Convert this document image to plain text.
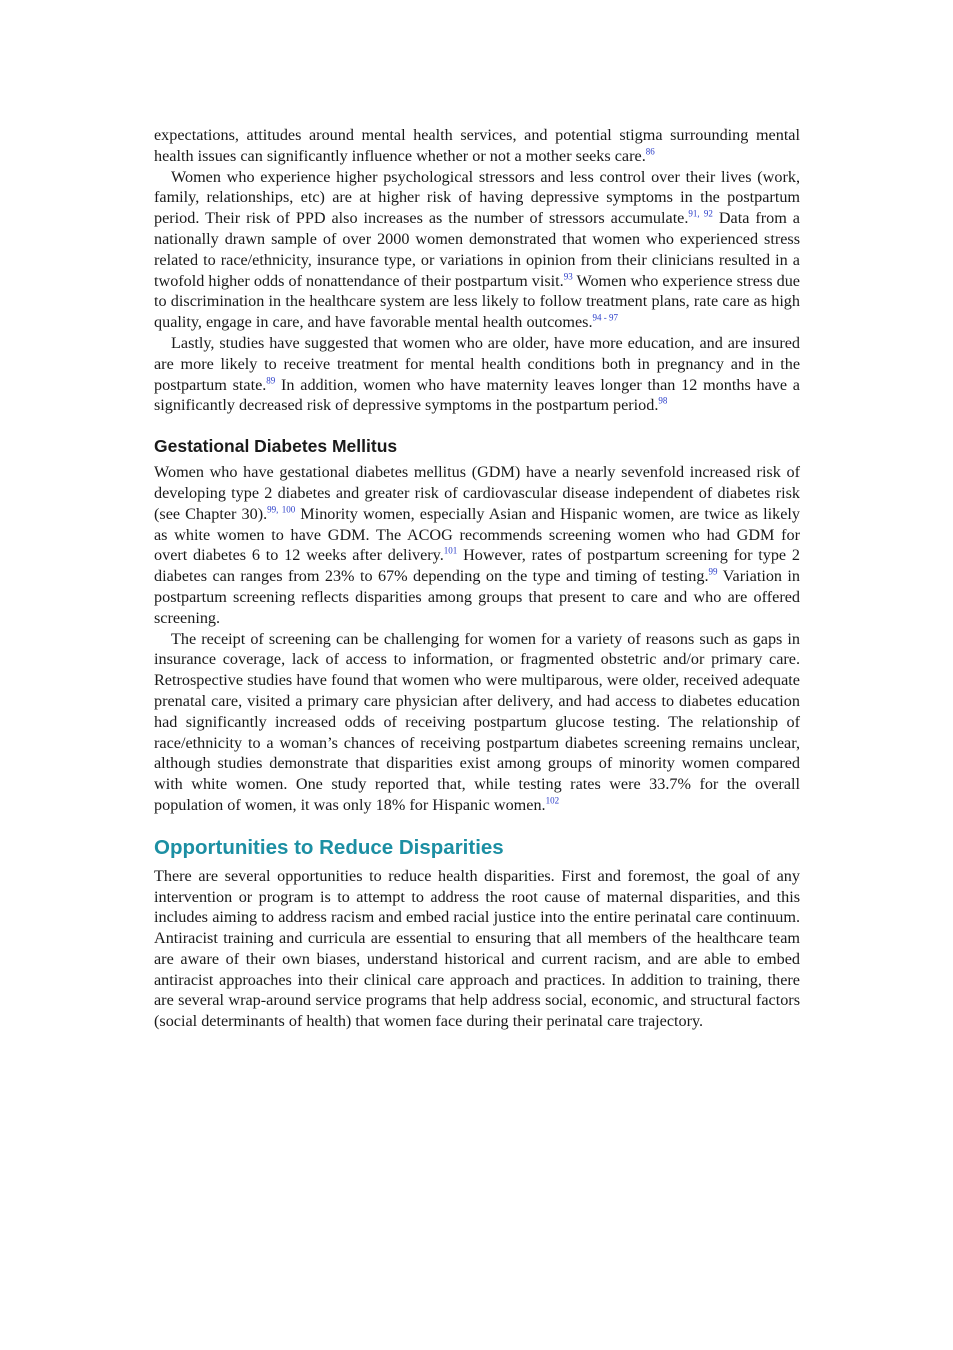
expectations, attitudes around mental health services, and potential stigma surrounding mental health issues can significantly influence whether or not a mother seeks care.$^{86}$

Women who experience higher psychological stressors and less control over their lives (work, family, relationships, etc) are at higher risk of having depressive symptoms in the postpartum period. Their risk of PPD also increases as the number of stressors accumulate.$^{91, 92}$ Data from a nationally drawn sample of over 2000 women demonstrated that women who experienced stress related to race/ethnicity, insurance type, or variations in opinion from their clinicians resulted in a twofold higher odds of nonattendance of their postpartum visit.$^{93}$ Women who experience stress due to discrimination in the healthcare system are less likely to follow treatment plans, rate care as high quality, engage in care, and have favorable mental health outcomes.$^{94 - 97}$

Lastly, studies have suggested that women who are older, have more education, and are insured are more likely to receive treatment for mental health conditions both in pregnancy and in the postpartum state.$^{89}$ In addition, women who have maternity leaves longer than 12 months have a significantly decreased risk of depressive symptoms in the postpartum period.$^{98}$

Gestational Diabetes Mellitus

Women who have gestational diabetes mellitus (GDM) have a nearly sevenfold increased risk of developing type 2 diabetes and greater risk of cardiovascular disease independent of diabetes risk (see Chapter 30).$^{99, 100}$ Minority women, especially Asian and Hispanic women, are twice as likely as white women to have GDM. The ACOG recommends screening women who had GDM for overt diabetes 6 to 12 weeks after delivery.$^{101}$ However, rates of postpartum screening for type 2 diabetes can ranges from 23% to 67% depending on the type and timing of testing.$^{99}$ Variation in postpartum screening reflects disparities among groups that present to care and who are offered screening.

The receipt of screening can be challenging for women for a variety of reasons such as gaps in insurance coverage, lack of access to information, or fragmented obstetric and/or primary care. Retrospective studies have found that women who were multiparous, were older, received adequate prenatal care, visited a primary care physician after delivery, and had access to diabetes education had significantly increased odds of receiving postpartum glucose testing. The relationship of race/ethnicity to a woman’s chances of receiving postpartum diabetes screening remains unclear, although studies demonstrate that disparities exist among groups of minority women compared with white women. One study reported that, while testing rates were 33.7% for the overall population of women, it was only 18% for Hispanic women.$^{102}$

Opportunities to Reduce Disparities

There are several opportunities to reduce health disparities. First and foremost, the goal of any intervention or program is to attempt to address the root cause of maternal disparities, and this includes aiming to address racism and embed racial justice into the entire perinatal care continuum. Antiracist training and curricula are essential to ensuring that all members of the healthcare team are aware of their own biases, understand historical and current racism, and are able to embed antiracist approaches into their clinical care approach and practices. In addition to training, there are several wrap-around service programs that help address social, economic, and structural factors (social determinants of health) that women face during their perinatal care trajectory.
